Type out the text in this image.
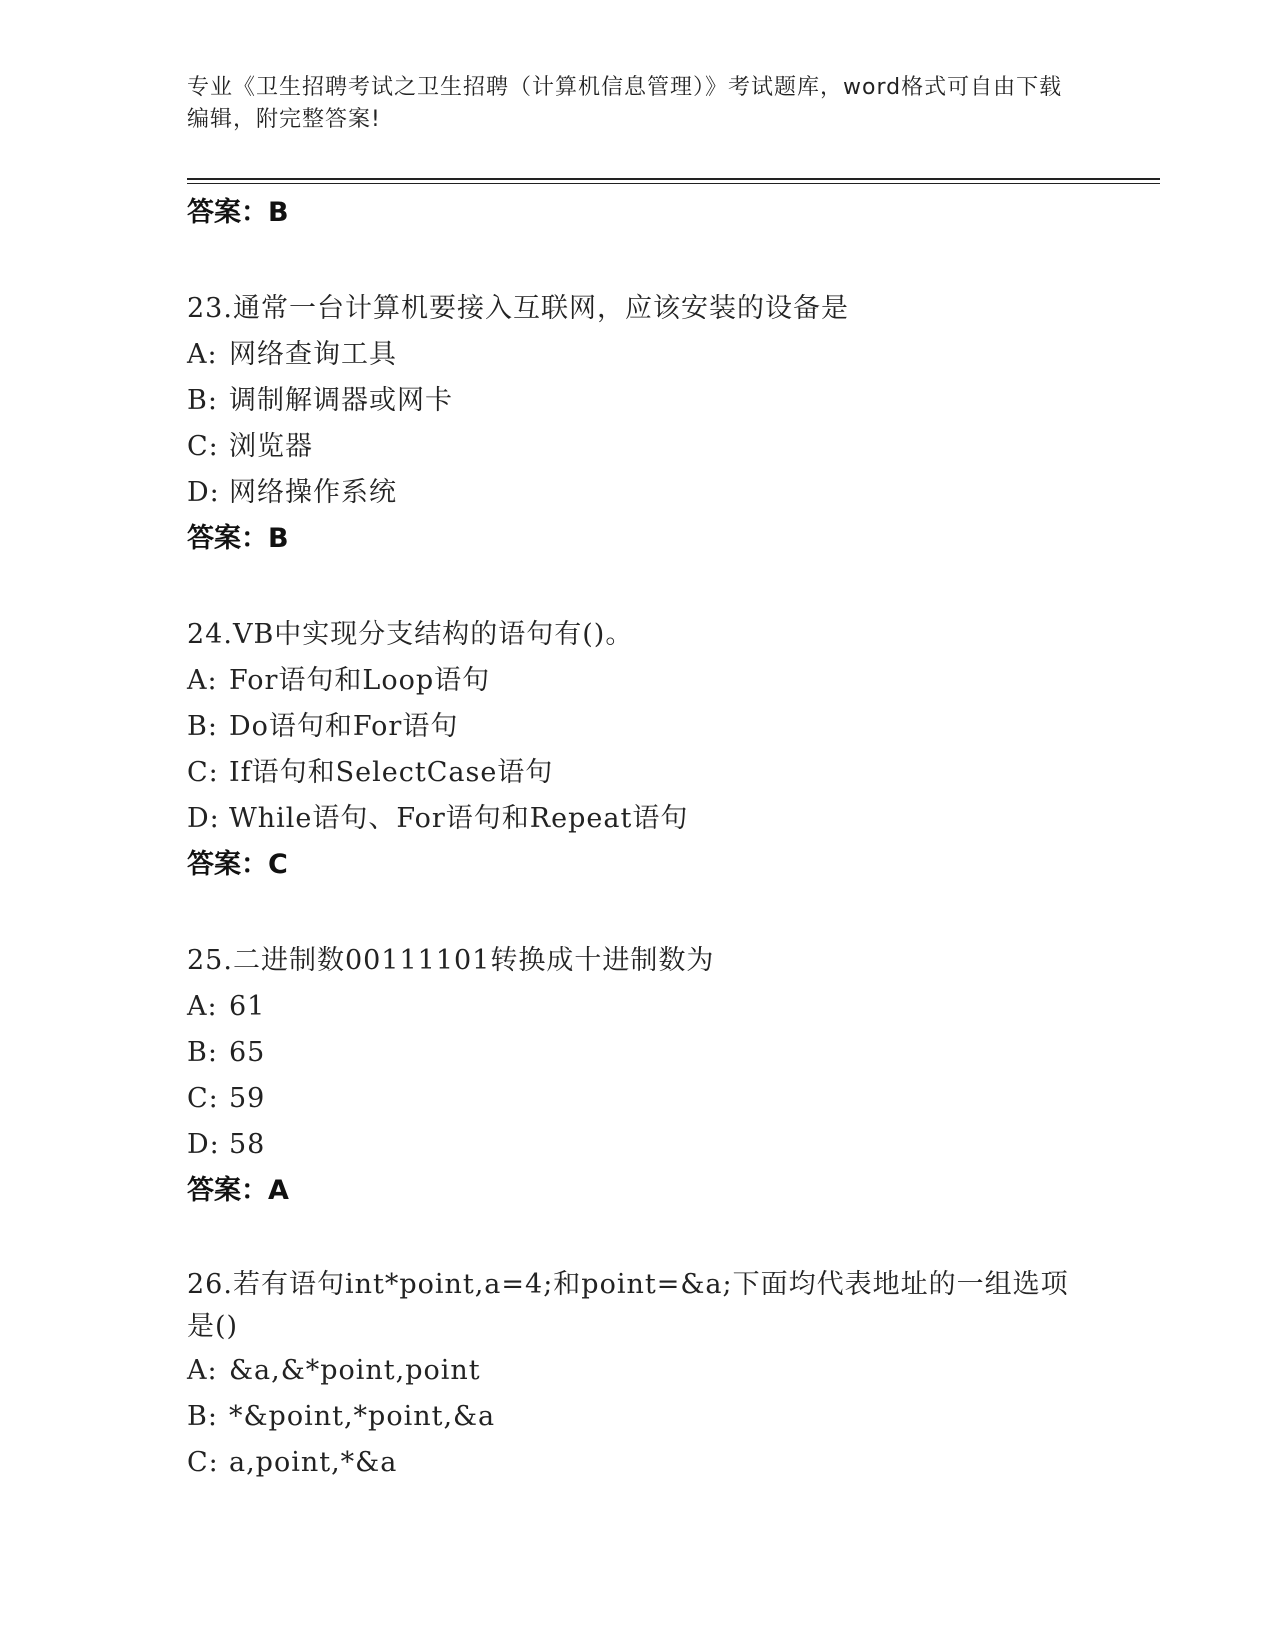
专业《卫生招聘考试之卫生招聘（计算机信息管理）》考试题库，word格式可自由下载编辑，附完整答案!
答案：B
23.通常一台计算机要接入互联网，应该安装的设备是
A: 网络查询工具
B: 调制解调器或网卡
C: 浏览器
D: 网络操作系统
答案：B
24.VB中实现分支结构的语句有()。
A: For语句和Loop语句
B: Do语句和For语句
C: If语句和SelectCase语句
D: While语句、For语句和Repeat语句
答案：C
25.二进制数00111101转换成十进制数为
A: 61
B: 65
C: 59
D: 58
答案：A
26.若有语句int*point,a=4;和point=&a;下面均代表地址的一组选项是()
A: &a,&*point,point
B: *&point,*point,&a
C: a,point,*&a
